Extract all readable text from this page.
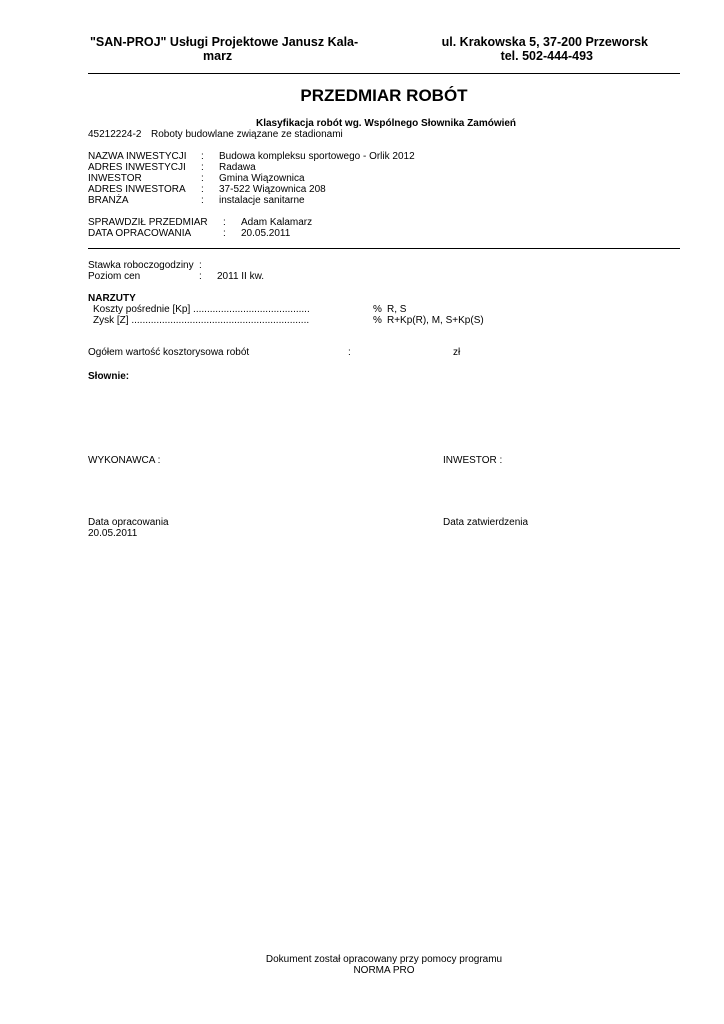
"SAN-PROJ" Usługi Projektowe Janusz Kala-
marz
ul. Krakowska 5, 37-200 Przeworsk
tel. 502-444-493
PRZEDMIAR ROBÓT
Klasyfikacja robót wg. Wspólnego Słownika Zamówień
45212224-2 Roboty budowlane związane ze stadionami
NAZWA INWESTYCJI : Budowa kompleksu sportowego - Orlik 2012
ADRES INWESTYCJI : Radawa
INWESTOR	: Gmina Wiązownica
ADRES INWESTORA : 37-522 Wiązownica 208
BRANŻA	: instalacje sanitarne
SPRAWDZIŁ PRZEDMIAR : Adam Kalamarz
DATA OPRACOWANIA	: 20.05.2011
Stawka roboczogodziny :
Poziom cen	: 2011 II kw.
NARZUTY
Koszty pośrednie [Kp] ..........................................	% R, S
Zysk [Z] ................................................................	% R+Kp(R), M, S+Kp(S)
Ogółem wartość kosztorysowa robót	:	zł
Słownie:
WYKONAWCA :	INWESTOR :
Data opracowania
20.05.2011
Data zatwierdzenia
Dokument został opracowany przy pomocy programu
NORMA PRO
